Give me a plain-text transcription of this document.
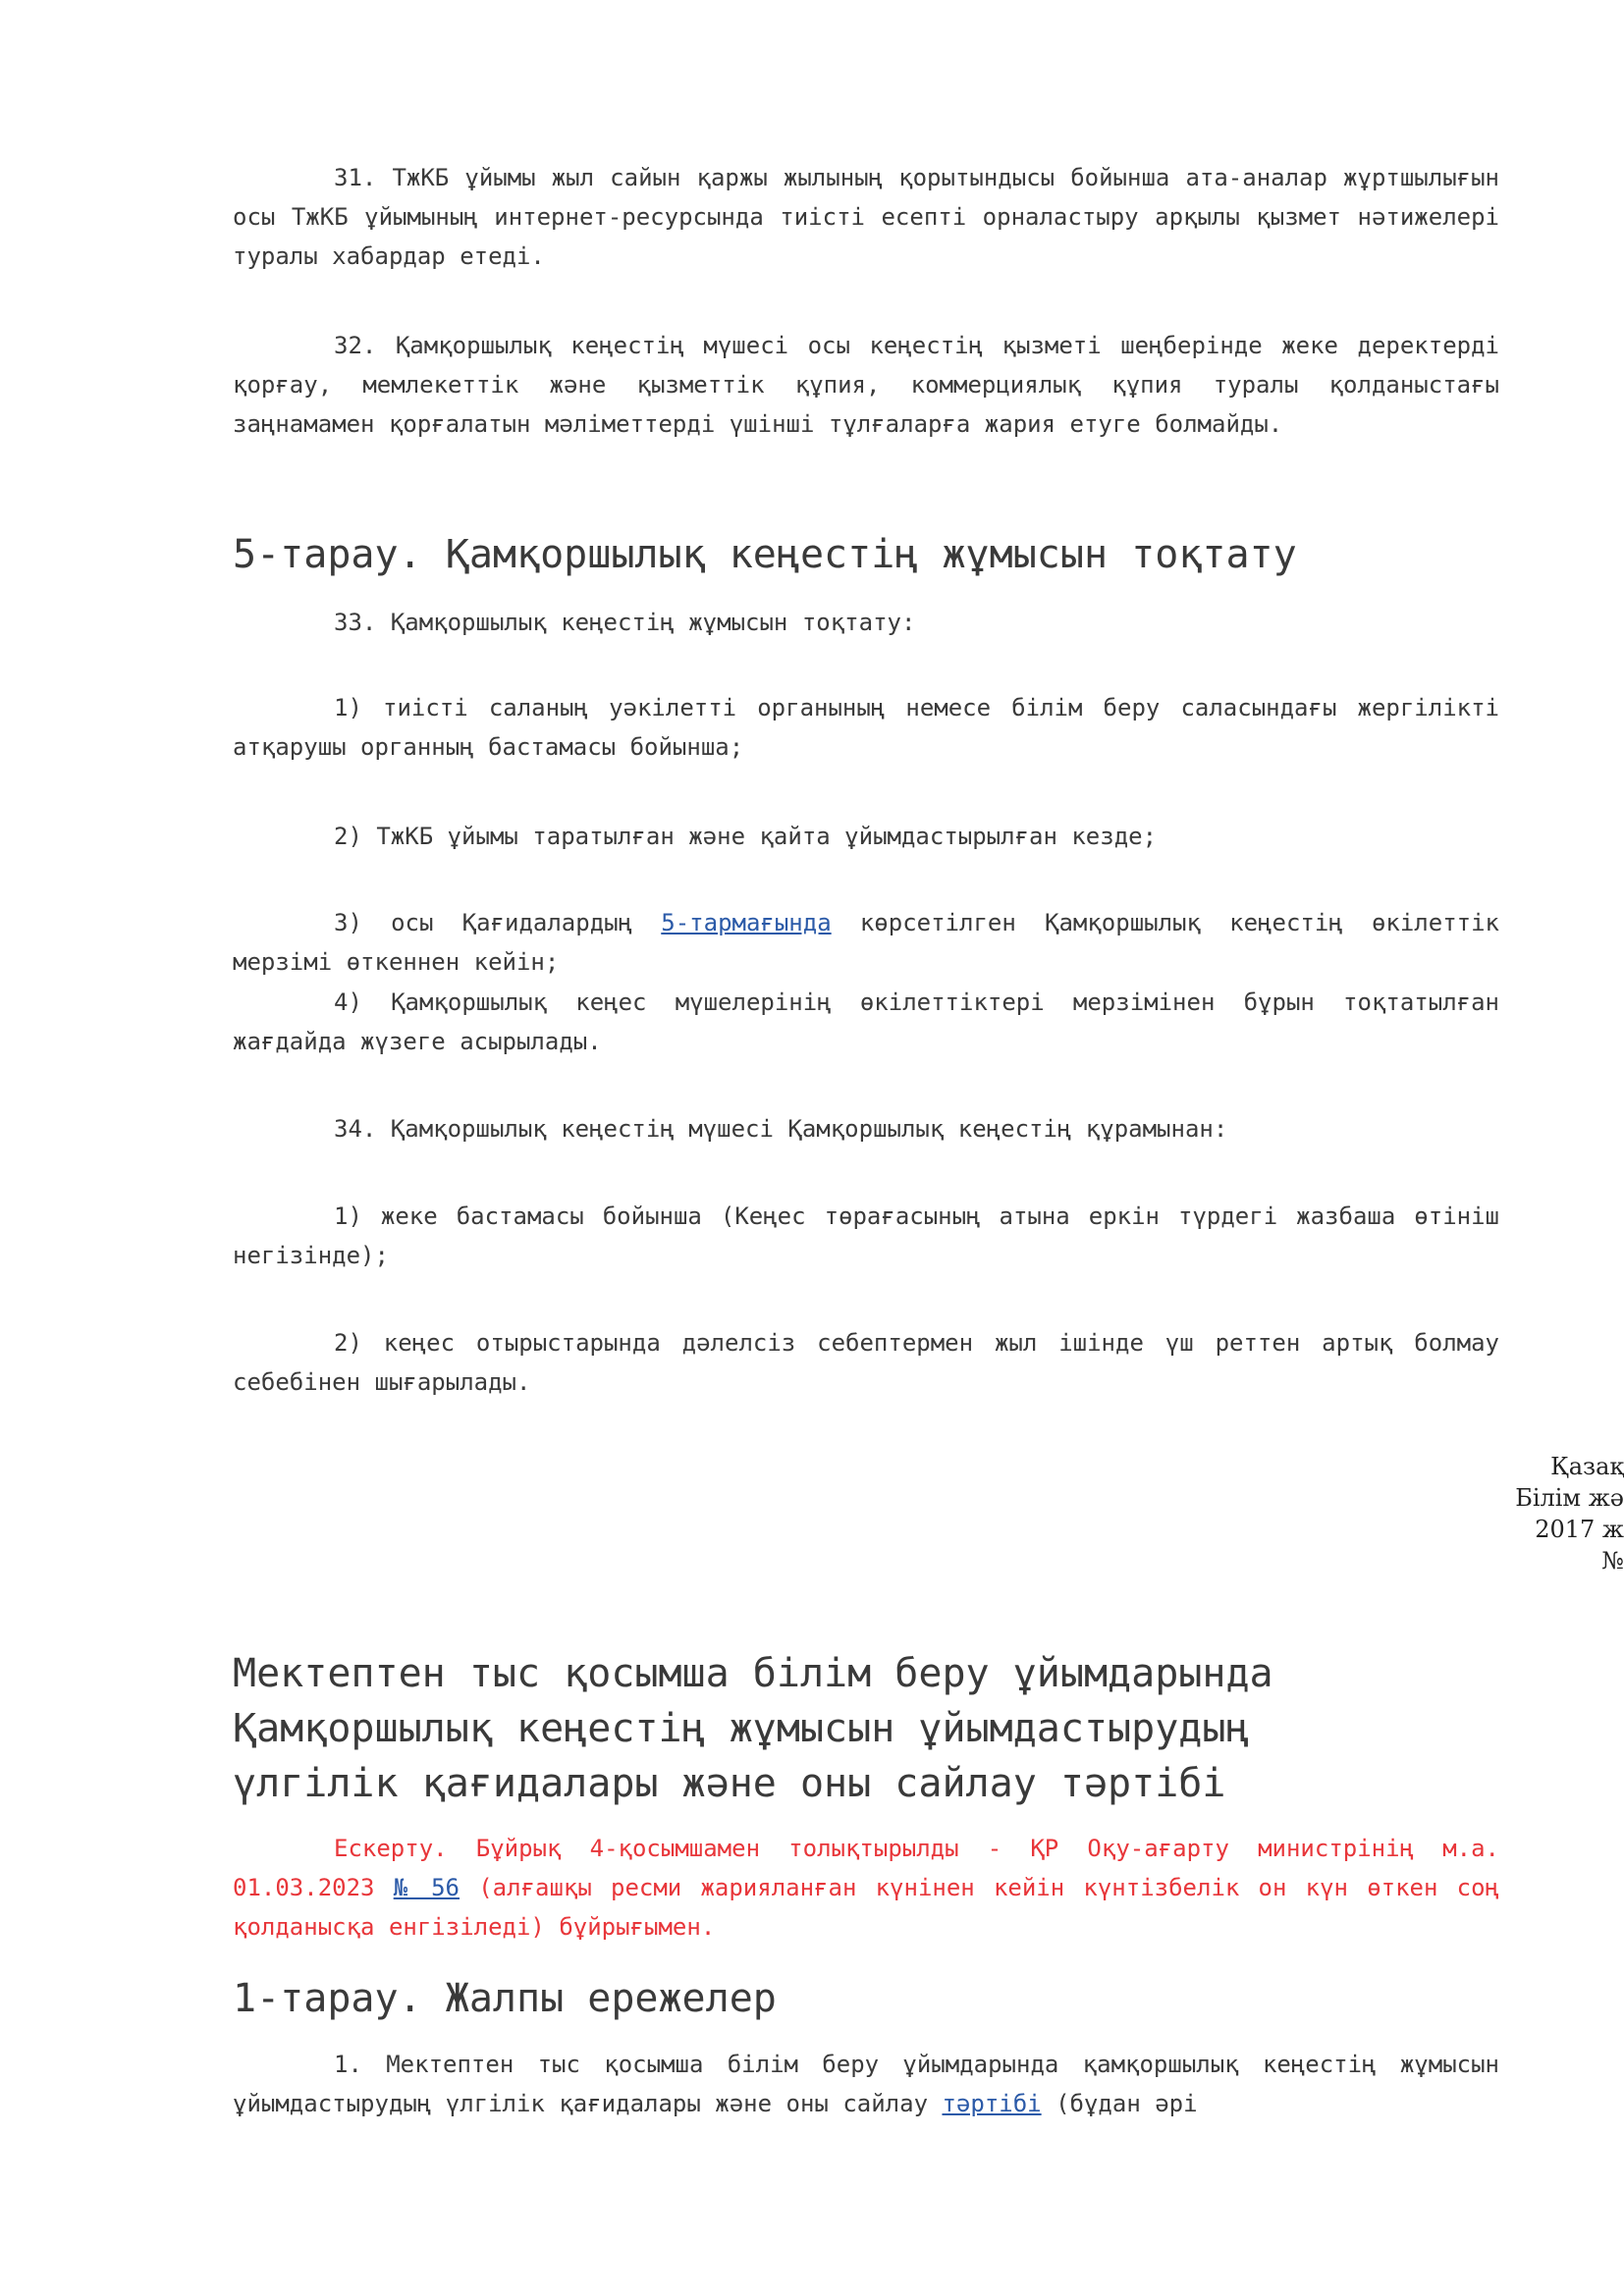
31. ТжКБ ұйымы жыл сайын қаржы жылының қорытындысы бойынша ата-аналар жұртшылығын осы ТжКБ ұйымының интернет-ресурсында тиісті есепті орналастыру арқылы қызмет нәтижелері туралы хабардар етеді.

32. Қамқоршылық кеңестің мүшесі осы кеңестің қызметі шеңберінде жеке деректерді қорғау, мемлекеттік және қызметтік құпия, коммерциялық құпия туралы қолданыстағы заңнамамен қорғалатын мәліметтерді үшінші тұлғаларға жария етуге болмайды.

5-тарау. Қамқоршылық кеңестің жұмысын тоқтату

33. Қамқоршылық кеңестің жұмысын тоқтату:

1) тиісті саланың уәкілетті органының немесе білім беру саласындағы жергілікті атқарушы органның бастамасы бойынша;

2) ТжКБ ұйымы таратылған және қайта ұйымдастырылған кезде;

3) осы Қағидалардың 5-тармағында көрсетілген Қамқоршылық кеңестің өкілеттік мерзімі өткеннен кейін;

4) Қамқоршылық кеңес мүшелерінің өкілеттіктері мерзімінен бұрын тоқтатылған жағдайда жүзеге асырылады.

34. Қамқоршылық кеңестің мүшесі Қамқоршылық кеңестің құрамынан:

1) жеке бастамасы бойынша (Кеңес төрағасының атына еркін түрдегі жазбаша өтініш негізінде);

2) кеңес отырыстарында дәлелсіз себептермен жыл ішінде үш реттен артық болмау себебінен шығарылады.

Қазақ
Білім жә
2017 ж
№
Мектептен тыс қосымша білім беру ұйымдарында
Қамқоршылық кеңестің жұмысын ұйымдастырудың
үлгілік қағидалары және оны сайлау тәртібі

Ескерту. Бұйрық 4-қосымшамен толықтырылды - ҚР Оқу-ағарту министрінің м.а. 01.03.2023 № 56 (алғашқы ресми жарияланған күнінен кейін күнтізбелік он күн өткен соң қолданысқа енгізіледі) бұйрығымен.

1-тарау. Жалпы ережелер

1. Мектептен тыс қосымша білім беру ұйымдарында қамқоршылық кеңестің жұмысын ұйымдастырудың үлгілік қағидалары және оны сайлау тәртібі (бұдан әрі
